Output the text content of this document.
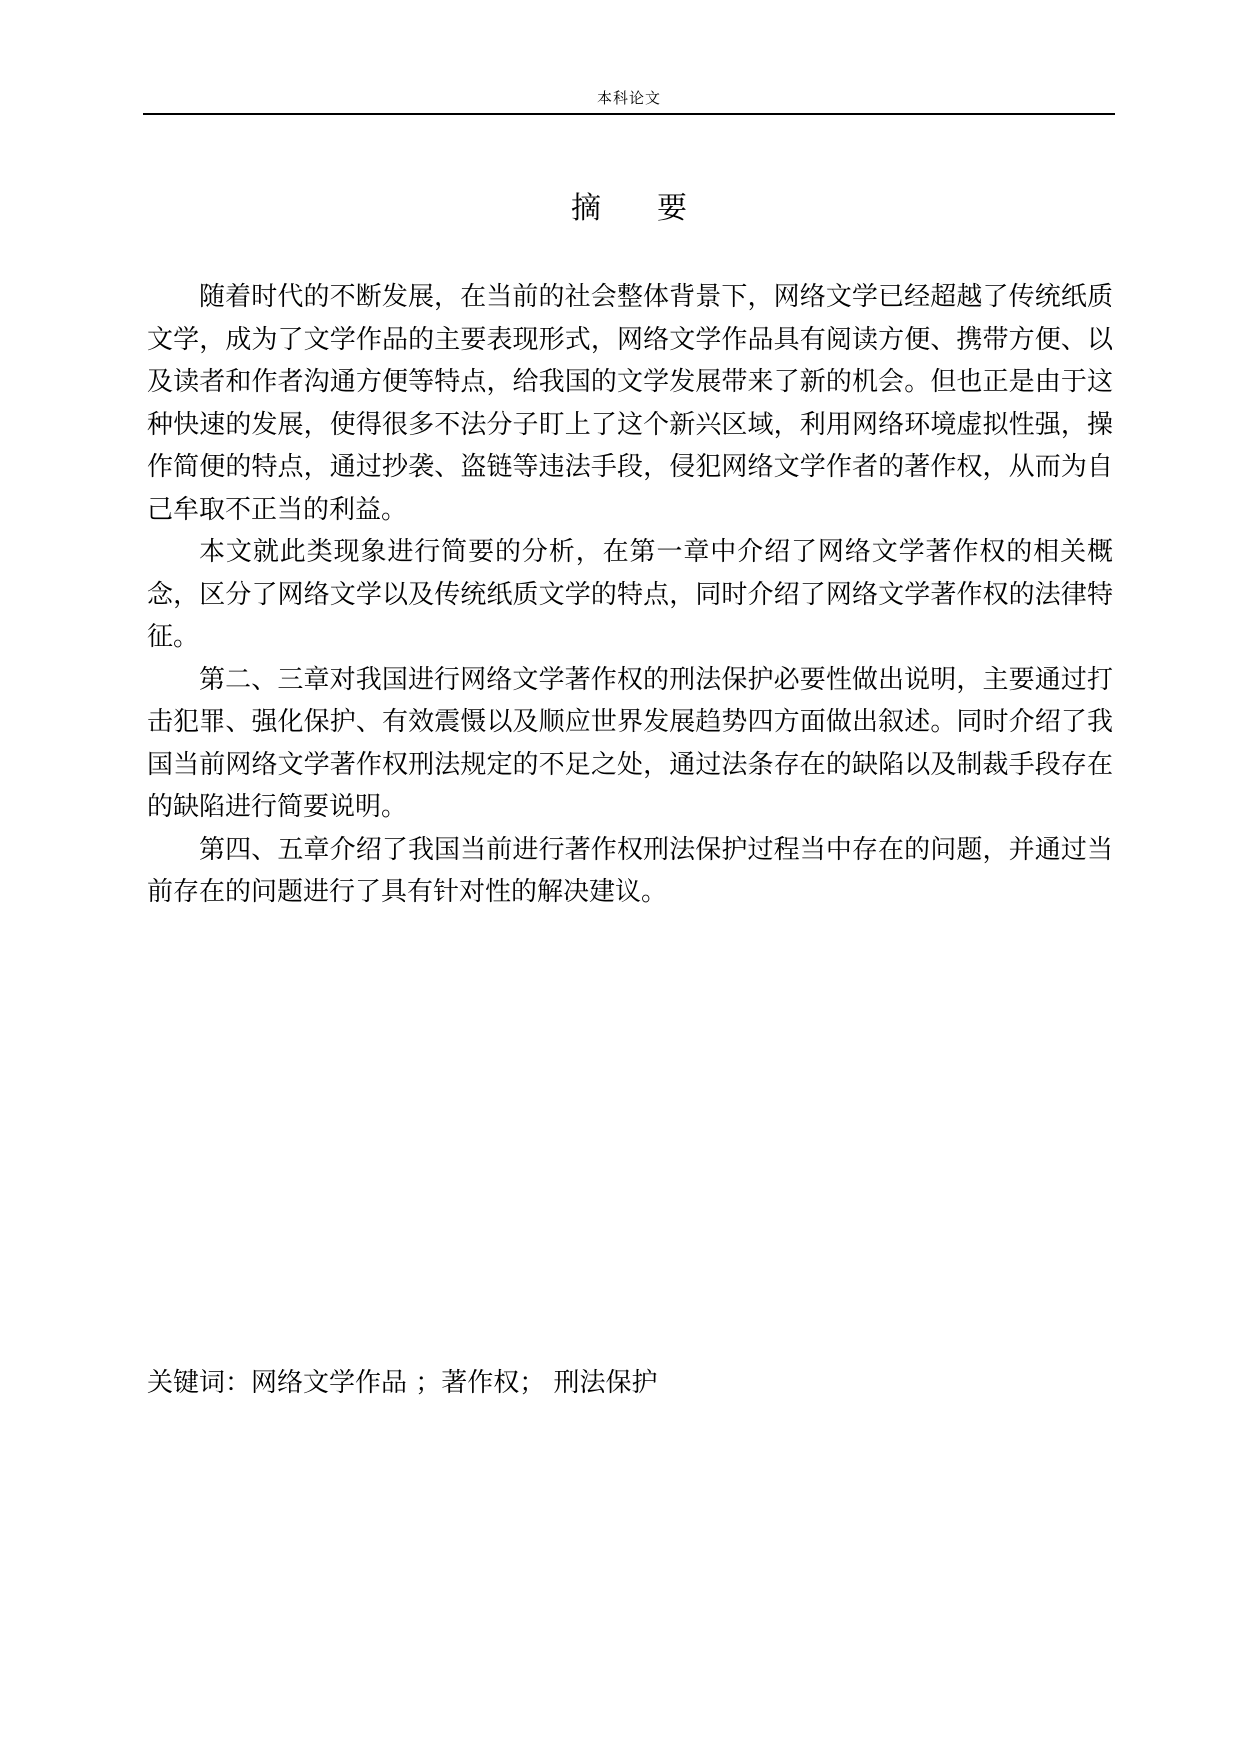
本科论文
摘要

随着时代的不断发展，在当前的社会整体背景下，网络文学已经超越了传统纸质文学，成为了文学作品的主要表现形式，网络文学作品具有阅读方便、携带方便、以及读者和作者沟通方便等特点，给我国的文学发展带来了新的机会。但也正是由于这种快速的发展，使得很多不法分子盯上了这个新兴区域，利用网络环境虚拟性强，操作简便的特点，通过抄袭、盗链等违法手段，侵犯网络文学作者的著作权，从而为自己牟取不正当的利益。

本文就此类现象进行简要的分析，在第一章中介绍了网络文学著作权的相关概念，区分了网络文学以及传统纸质文学的特点，同时介绍了网络文学著作权的法律特征。

第二、三章对我国进行网络文学著作权的刑法保护必要性做出说明，主要通过打击犯罪、强化保护、有效震慑以及顺应世界发展趋势四方面做出叙述。同时介绍了我国当前网络文学著作权刑法规定的不足之处，通过法条存在的缺陷以及制裁手段存在的缺陷进行简要说明。

第四、五章介绍了我国当前进行著作权刑法保护过程当中存在的问题，并通过当前存在的问题进行了具有针对性的解决建议。

关键词：网络文学作品 ；著作权； 刑法保护
